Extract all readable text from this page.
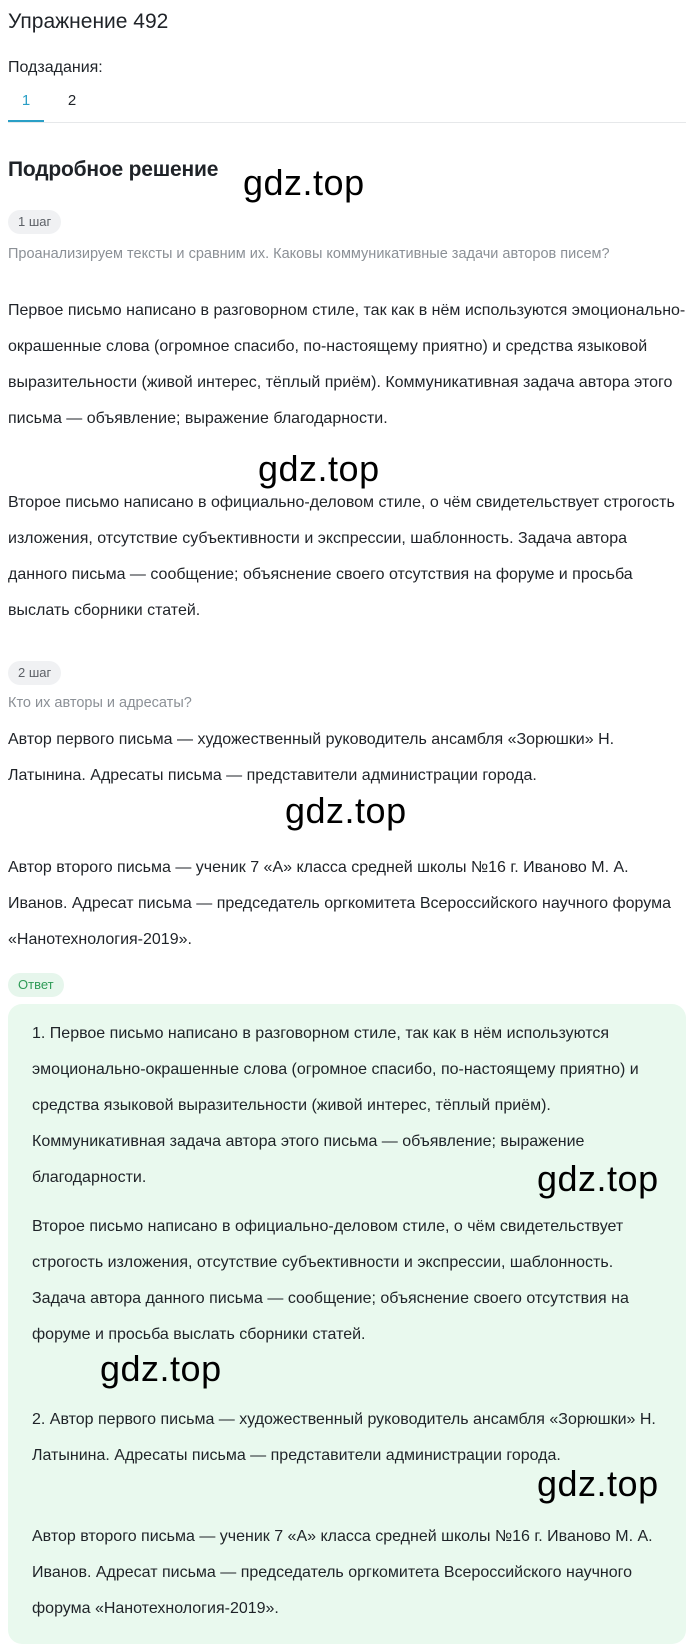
Упражнение 492
Подзадания:
1	2
Подробное решение
1 шаг
Проанализируем тексты и сравним их. Каковы коммуникативные задачи авторов писем?

Первое письмо написано в разговорном стиле, так как в нём используются эмоционально-окрашенные слова (огромное спасибо, по-настоящему приятно) и средства языковой выразительности (живой интерес, тёплый приём). Коммуникативная задача автора этого письма — объявление; выражение благодарности.

Второе письмо написано в официально-деловом стиле, о чём свидетельствует строгость изложения, отсутствие субъективности и экспрессии, шаблонность. Задача автора данного письма — сообщение; объяснение своего отсутствия на форуме и просьба выслать сборники статей.

2 шаг
Кто их авторы и адресаты?

Автор первого письма — художественный руководитель ансамбля «Зорюшки» Н. Латынина. Адресаты письма — представители администрации города.

Автор второго письма — ученик 7 «А» класса средней школы №16 г. Иваново М. А. Иванов. Адресат письма — председатель оргкомитета Всероссийского научного форума «Нанотехнология-2019».

Ответ

1. Первое письмо написано в разговорном стиле, так как в нём используются эмоционально-окрашенные слова (огромное спасибо, по-настоящему приятно) и средства языковой выразительности (живой интерес, тёплый приём). Коммуникативная задача автора этого письма — объявление; выражение благодарности.

Второе письмо написано в официально-деловом стиле, о чём свидетельствует строгость изложения, отсутствие субъективности и экспрессии, шаблонность. Задача автора данного письма — сообщение; объяснение своего отсутствия на форуме и просьба выслать сборники статей.

2. Автор первого письма — художественный руководитель ансамбля «Зорюшки» Н. Латынина. Адресаты письма — представители администрации города.

Автор второго письма — ученик 7 «А» класса средней школы №16 г. Иваново М. А. Иванов. Адресат письма — председатель оргкомитета Всероссийского научного форума «Нанотехнология-2019».

gdz.top
gdz.top
gdz.top
gdz.top
gdz.top
gdz.top
